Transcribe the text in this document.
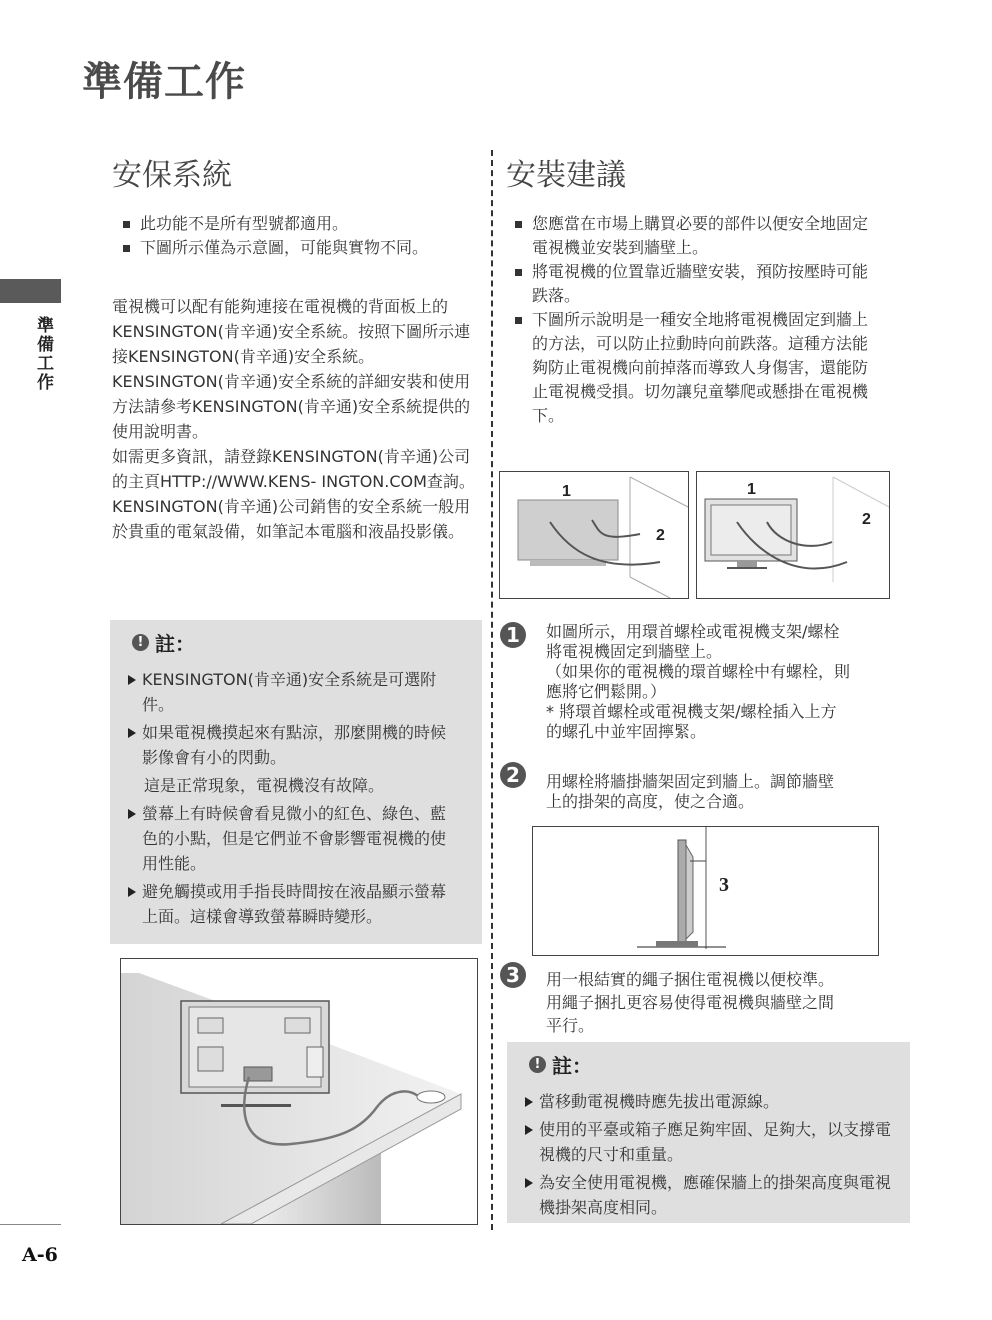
準備工作
準備工作
安保系統
此功能不是所有型號都適用。
下圖所示僅為示意圖，可能與實物不同。
電視機可以配有能夠連接在電視機的背面板上的KENSINGTON(肯辛通)安全系統。按照下圖所示連接KENSINGTON(肯辛通)安全系統。KENSINGTON(肯辛通)安全系統的詳細安裝和使用方法請參考KENSINGTON(肯辛通)安全系統提供的使用說明書。
如需更多資訊，請登錄KENSINGTON(肯辛通)公司的主頁HTTP://WWW.KENS- INGTON.COM查詢。
KENSINGTON(肯辛通)公司銷售的安全系統一般用於貴重的電氣設備，如筆記本電腦和液晶投影儀。
! 註：
KENSINGTON(肯辛通)安全系統是可選附件。
如果電視機摸起來有點涼，那麼開機的時候影像會有小的閃動。
這是正常現象，電視機沒有故障。
螢幕上有時候會看見微小的紅色、綠色、藍色的小點，但是它們並不會影響電視機的使用性能。
避免觸摸或用手指長時間按在液晶顯示螢幕上面。這樣會導致螢幕瞬時變形。
安裝建議
您應當在市場上購買必要的部件以便安全地固定電視機並安裝到牆壁上。
將電視機的位置靠近牆壁安裝，預防按壓時可能跌落。
下圖所示說明是一種安全地將電視機固定到牆上的方法，可以防止拉動時向前跌落。這種方法能夠防止電視機向前掉落而導致人身傷害，還能防止電視機受損。切勿讓兒童攀爬或懸掛在電視機下。
1
2
1
2
1	如圖所示，用環首螺栓或電視機支架/螺栓
將電視機固定到牆壁上。
（如果你的電視機的環首螺栓中有螺栓，則
應將它們鬆開。）
* 將環首螺栓或電視機支架/螺栓插入上方
的螺孔中並牢固擰緊。
2	用螺栓將牆掛牆架固定到牆上。調節牆壁
上的掛架的高度，使之合適。
3
3	用一根結實的繩子捆住電視機以便校準。
用繩子捆扎更容易使得電視機與牆壁之間
平行。
! 註：
當移動電視機時應先拔出電源線。
使用的平臺或箱子應足夠牢固、足夠大，以支撐電視機的尺寸和重量。
為安全使用電視機，應確保牆上的掛架高度與電視機掛架高度相同。
A-6
